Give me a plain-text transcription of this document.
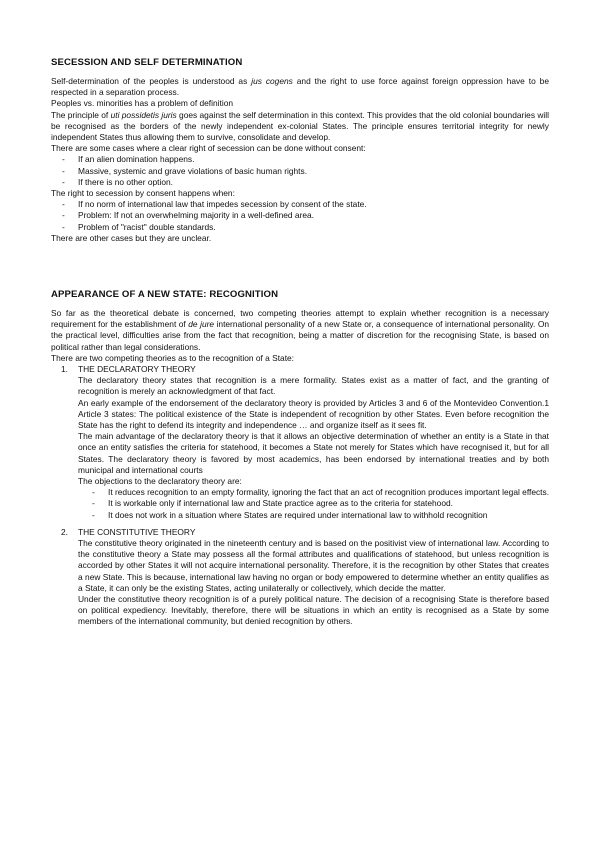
SECESSION AND SELF DETERMINATION

Self-determination of the peoples is understood as jus cogens and the right to use force against foreign oppression have to be respected in a separation process.

Peoples vs. minorities has a problem of definition

The principle of uti possidetis juris goes against the self determination in this context. This provides that the old colonial boundaries will be recognised as the borders of the newly independent ex-colonial States. The principle ensures territorial integrity for newly independent States thus allowing them to survive, consolidate and develop.

There are some cases where a clear right of secession can be done without consent:

- If an alien domination happens.
- Massive, systemic and grave violations of basic human rights.
- If there is no other option.

The right to secession by consent happens when:

- If no norm of international law that impedes secession by consent of the state.
- Problem: If not an overwhelming majority in a well-defined area.
- Problem of "racist" double standards.

There are other cases but they are unclear.

APPEARANCE OF A NEW STATE: RECOGNITION

So far as the theoretical debate is concerned, two competing theories attempt to explain whether recognition is a necessary requirement for the establishment of de jure international personality of a new State or, a consequence of international personality. On the practical level, difficulties arise from the fact that recognition, being a matter of discretion for the recognising State, is based on political rather than legal considerations.

There are two competing theories as to the recognition of a State:

1. THE DECLARATORY THEORY

The declaratory theory states that recognition is a mere formality. States exist as a matter of fact, and the granting of recognition is merely an acknowledgment of that fact.

An early example of the endorsement of the declaratory theory is provided by Articles 3 and 6 of the Montevideo Convention.1 Article 3 states: The political existence of the State is independent of recognition by other States. Even before recognition the State has the right to defend its integrity and independence … and organize itself as it sees fit.

The main advantage of the declaratory theory is that it allows an objective determination of whether an entity is a State in that once an entity satisfies the criteria for statehood, it becomes a State not merely for States which have recognised it, but for all States. The declaratory theory is favored by most academics, has been endorsed by international treaties and by both municipal and international courts

The objections to the declaratory theory are:

- It reduces recognition to an empty formality, ignoring the fact that an act of recognition produces important legal effects.
- It is workable only if international law and State practice agree as to the criteria for statehood.
- It does not work in a situation where States are required under international law to withhold recognition
2. THE CONSTITUTIVE THEORY

The constitutive theory originated in the nineteenth century and is based on the positivist view of international law. According to the constitutive theory a State may possess all the formal attributes and qualifications of statehood, but unless recognition is accorded by other States it will not acquire international personality. Therefore, it is the recognition by other States that creates a new State. This is because, international law having no organ or body empowered to determine whether an entity qualifies as a State, it can only be the existing States, acting unilaterally or collectively, which decide the matter.

Under the constitutive theory recognition is of a purely political nature. The decision of a recognising State is therefore based on political expediency. Inevitably, therefore, there will be situations in which an entity is recognised as a State by some members of the international community, but denied recognition by others.
